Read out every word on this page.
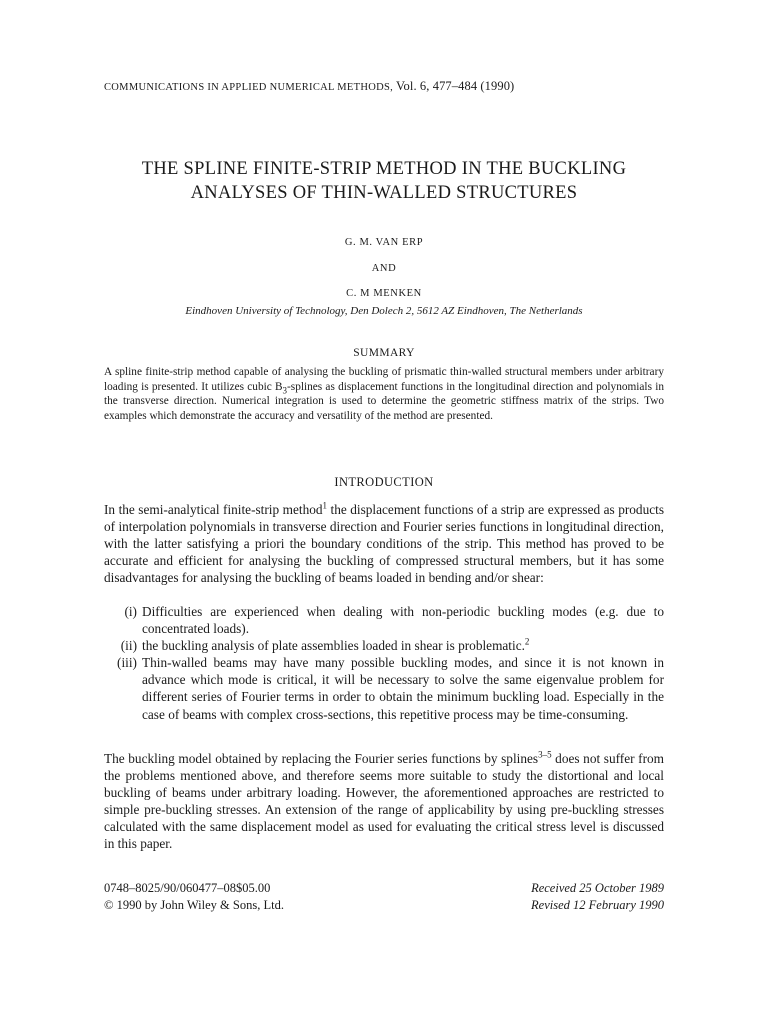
COMMUNICATIONS IN APPLIED NUMERICAL METHODS, Vol. 6, 477–484 (1990)
THE SPLINE FINITE-STRIP METHOD IN THE BUCKLING
ANALYSES OF THIN-WALLED STRUCTURES
G. M. VAN ERP
AND
C. M MENKEN
Eindhoven University of Technology, Den Dolech 2, 5612 AZ Eindhoven, The Netherlands
SUMMARY

A spline finite-strip method capable of analysing the buckling of prismatic thin-walled structural members under arbitrary loading is presented. It utilizes cubic $B_3$-splines as displacement functions in the longitudinal direction and polynomials in the transverse direction. Numerical integration is used to determine the geometric stiffness matrix of the strips. Two examples which demonstrate the accuracy and versatility of the method are presented.

INTRODUCTION

In the semi-analytical finite-strip method$^1$ the displacement functions of a strip are expressed as products of interpolation polynomials in transverse direction and Fourier series functions in longitudinal direction, with the latter satisfying a priori the boundary conditions of the strip. This method has proved to be accurate and efficient for analysing the buckling of compressed structural members, but it has some disadvantages for analysing the buckling of beams loaded in bending and/or shear:

(i) Difficulties are experienced when dealing with non-periodic buckling modes (e.g. due to concentrated loads).
(ii) the buckling analysis of plate assemblies loaded in shear is problematic.$^2$
(iii) Thin-walled beams may have many possible buckling modes, and since it is not known in advance which mode is critical, it will be necessary to solve the same eigenvalue problem for different series of Fourier terms in order to obtain the minimum buckling load. Especially in the case of beams with complex cross-sections, this repetitive process may be time-consuming.

The buckling model obtained by replacing the Fourier series functions by splines$^{3-5}$ does not suffer from the problems mentioned above, and therefore seems more suitable to study the distortional and local buckling of beams under arbitrary loading. However, the aforementioned approaches are restricted to simple pre-buckling stresses. An extension of the range of applicability by using pre-buckling stresses calculated with the same displacement model as used for evaluating the critical stress level is discussed in this paper.

0748–8025/90/060477–08$05.00
© 1990 by John Wiley & Sons, Ltd.
Received 25 October 1989
Revised 12 February 1990
